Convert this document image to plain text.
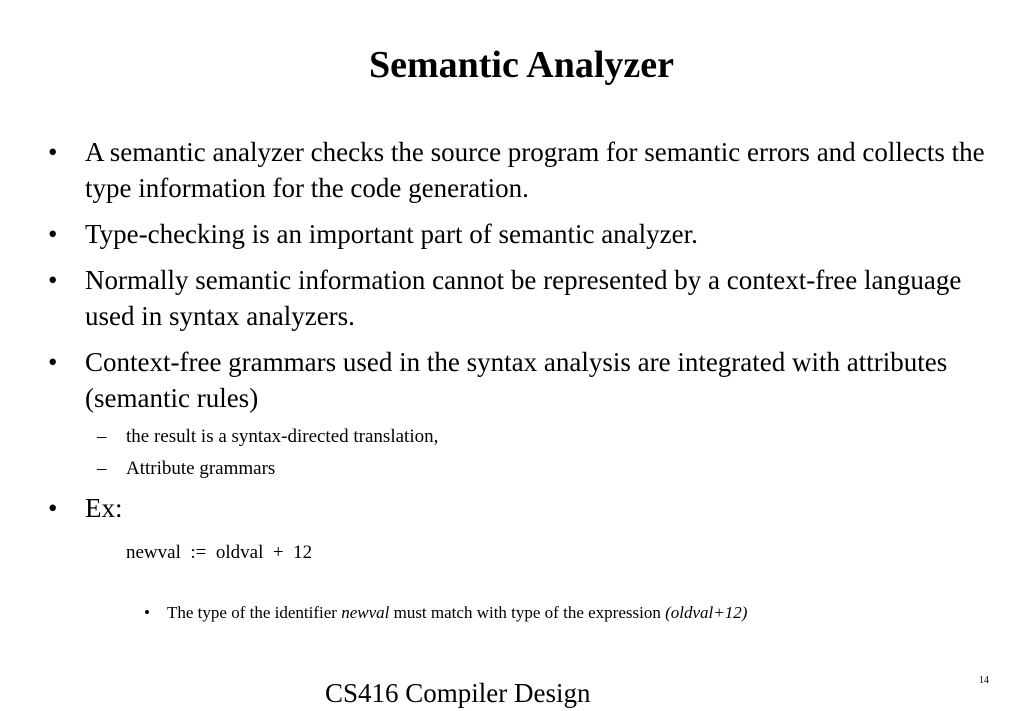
Semantic Analyzer
• A semantic analyzer checks the source program for semantic errors and collects the type information for the code generation.
• Type-checking is an important part of semantic analyzer.
• Normally semantic information cannot be represented by a context-free language used in syntax analyzers.
• Context-free grammars used in the syntax analysis are integrated with attributes (semantic rules)
– the result is a syntax-directed translation,
– Attribute grammars
• Ex:
newval  :=  oldval  +  12
• The type of the identifier newval must match with type of the expression (oldval+12)
CS416 Compiler Design	14
